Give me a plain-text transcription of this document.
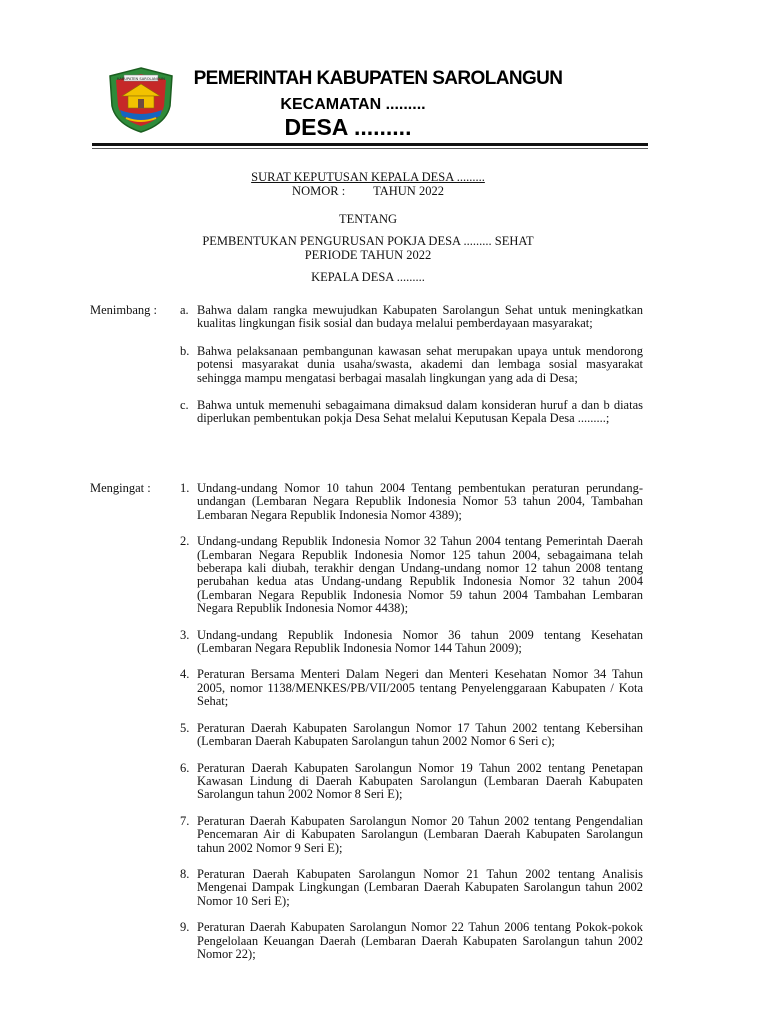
KABUPATEN SAROLANGUN	PEMERINTAH KABUPATEN SAROLANGUN
KECAMATAN .........
DESA .........
SURAT KEPUTUSAN KEPALA DESA .........
NOMOR :         TAHUN 2022
TENTANG
PEMBENTUKAN PENGURUSAN POKJA DESA ......... SEHAT
PERIODE TAHUN 2022
KEPALA DESA .........
Menimbang :	a. Bahwa dalam rangka mewujudkan Kabupaten Sarolangun Sehat untuk meningkatkan kualitas lingkungan fisik sosial dan budaya melalui pemberdayaan masyarakat;
b. Bahwa pelaksanaan pembangunan kawasan sehat merupakan upaya untuk mendorong potensi masyarakat dunia usaha/swasta, akademi dan lembaga sosial masyarakat sehingga mampu mengatasi berbagai masalah lingkungan yang ada di Desa;
c. Bahwa untuk memenuhi sebagaimana dimaksud dalam konsideran huruf a dan b diatas diperlukan pembentukan pokja Desa Sehat melalui Keputusan Kepala Desa .........;
Mengingat :	1. Undang-undang Nomor 10 tahun 2004 Tentang pembentukan peraturan perundang-undangan (Lembaran Negara Republik Indonesia Nomor 53 tahun 2004, Tambahan Lembaran Negara Republik Indonesia Nomor 4389);
2. Undang-undang Republik Indonesia Nomor 32 Tahun 2004 tentang Pemerintah Daerah (Lembaran Negara Republik Indonesia Nomor 125 tahun 2004, sebagaimana telah beberapa kali diubah, terakhir dengan Undang-undang nomor 12 tahun 2008 tentang perubahan kedua atas Undang-undang Republik Indonesia Nomor 32 tahun 2004 (Lembaran Negara Republik Indonesia Nomor 59 tahun 2004 Tambahan Lembaran Negara Republik Indonesia Nomor 4438);
3. Undang-undang Republik Indonesia Nomor 36 tahun 2009 tentang Kesehatan (Lembaran Negara Republik Indonesia Nomor 144 Tahun 2009);
4. Peraturan Bersama Menteri Dalam Negeri dan Menteri Kesehatan Nomor 34 Tahun 2005, nomor 1138/MENKES/PB/VII/2005 tentang Penyelenggaraan Kabupaten / Kota Sehat;
5. Peraturan Daerah Kabupaten Sarolangun Nomor 17 Tahun 2002 tentang Kebersihan (Lembaran Daerah Kabupaten Sarolangun tahun 2002 Nomor 6 Seri c);
6. Peraturan Daerah Kabupaten Sarolangun Nomor 19 Tahun 2002 tentang Penetapan Kawasan Lindung di Daerah Kabupaten Sarolangun (Lembaran Daerah Kabupaten Sarolangun tahun 2002 Nomor 8 Seri E);
7. Peraturan Daerah Kabupaten Sarolangun Nomor 20 Tahun 2002 tentang Pengendalian Pencemaran Air di Kabupaten Sarolangun (Lembaran Daerah Kabupaten Sarolangun tahun 2002 Nomor 9 Seri E);
8. Peraturan Daerah Kabupaten Sarolangun Nomor 21 Tahun 2002 tentang Analisis Mengenai Dampak Lingkungan (Lembaran Daerah Kabupaten Sarolangun tahun 2002 Nomor 10 Seri E);
9. Peraturan Daerah Kabupaten Sarolangun Nomor 22 Tahun 2006 tentang Pokok-pokok Pengelolaan Keuangan Daerah (Lembaran Daerah Kabupaten Sarolangun tahun 2002 Nomor 22);
